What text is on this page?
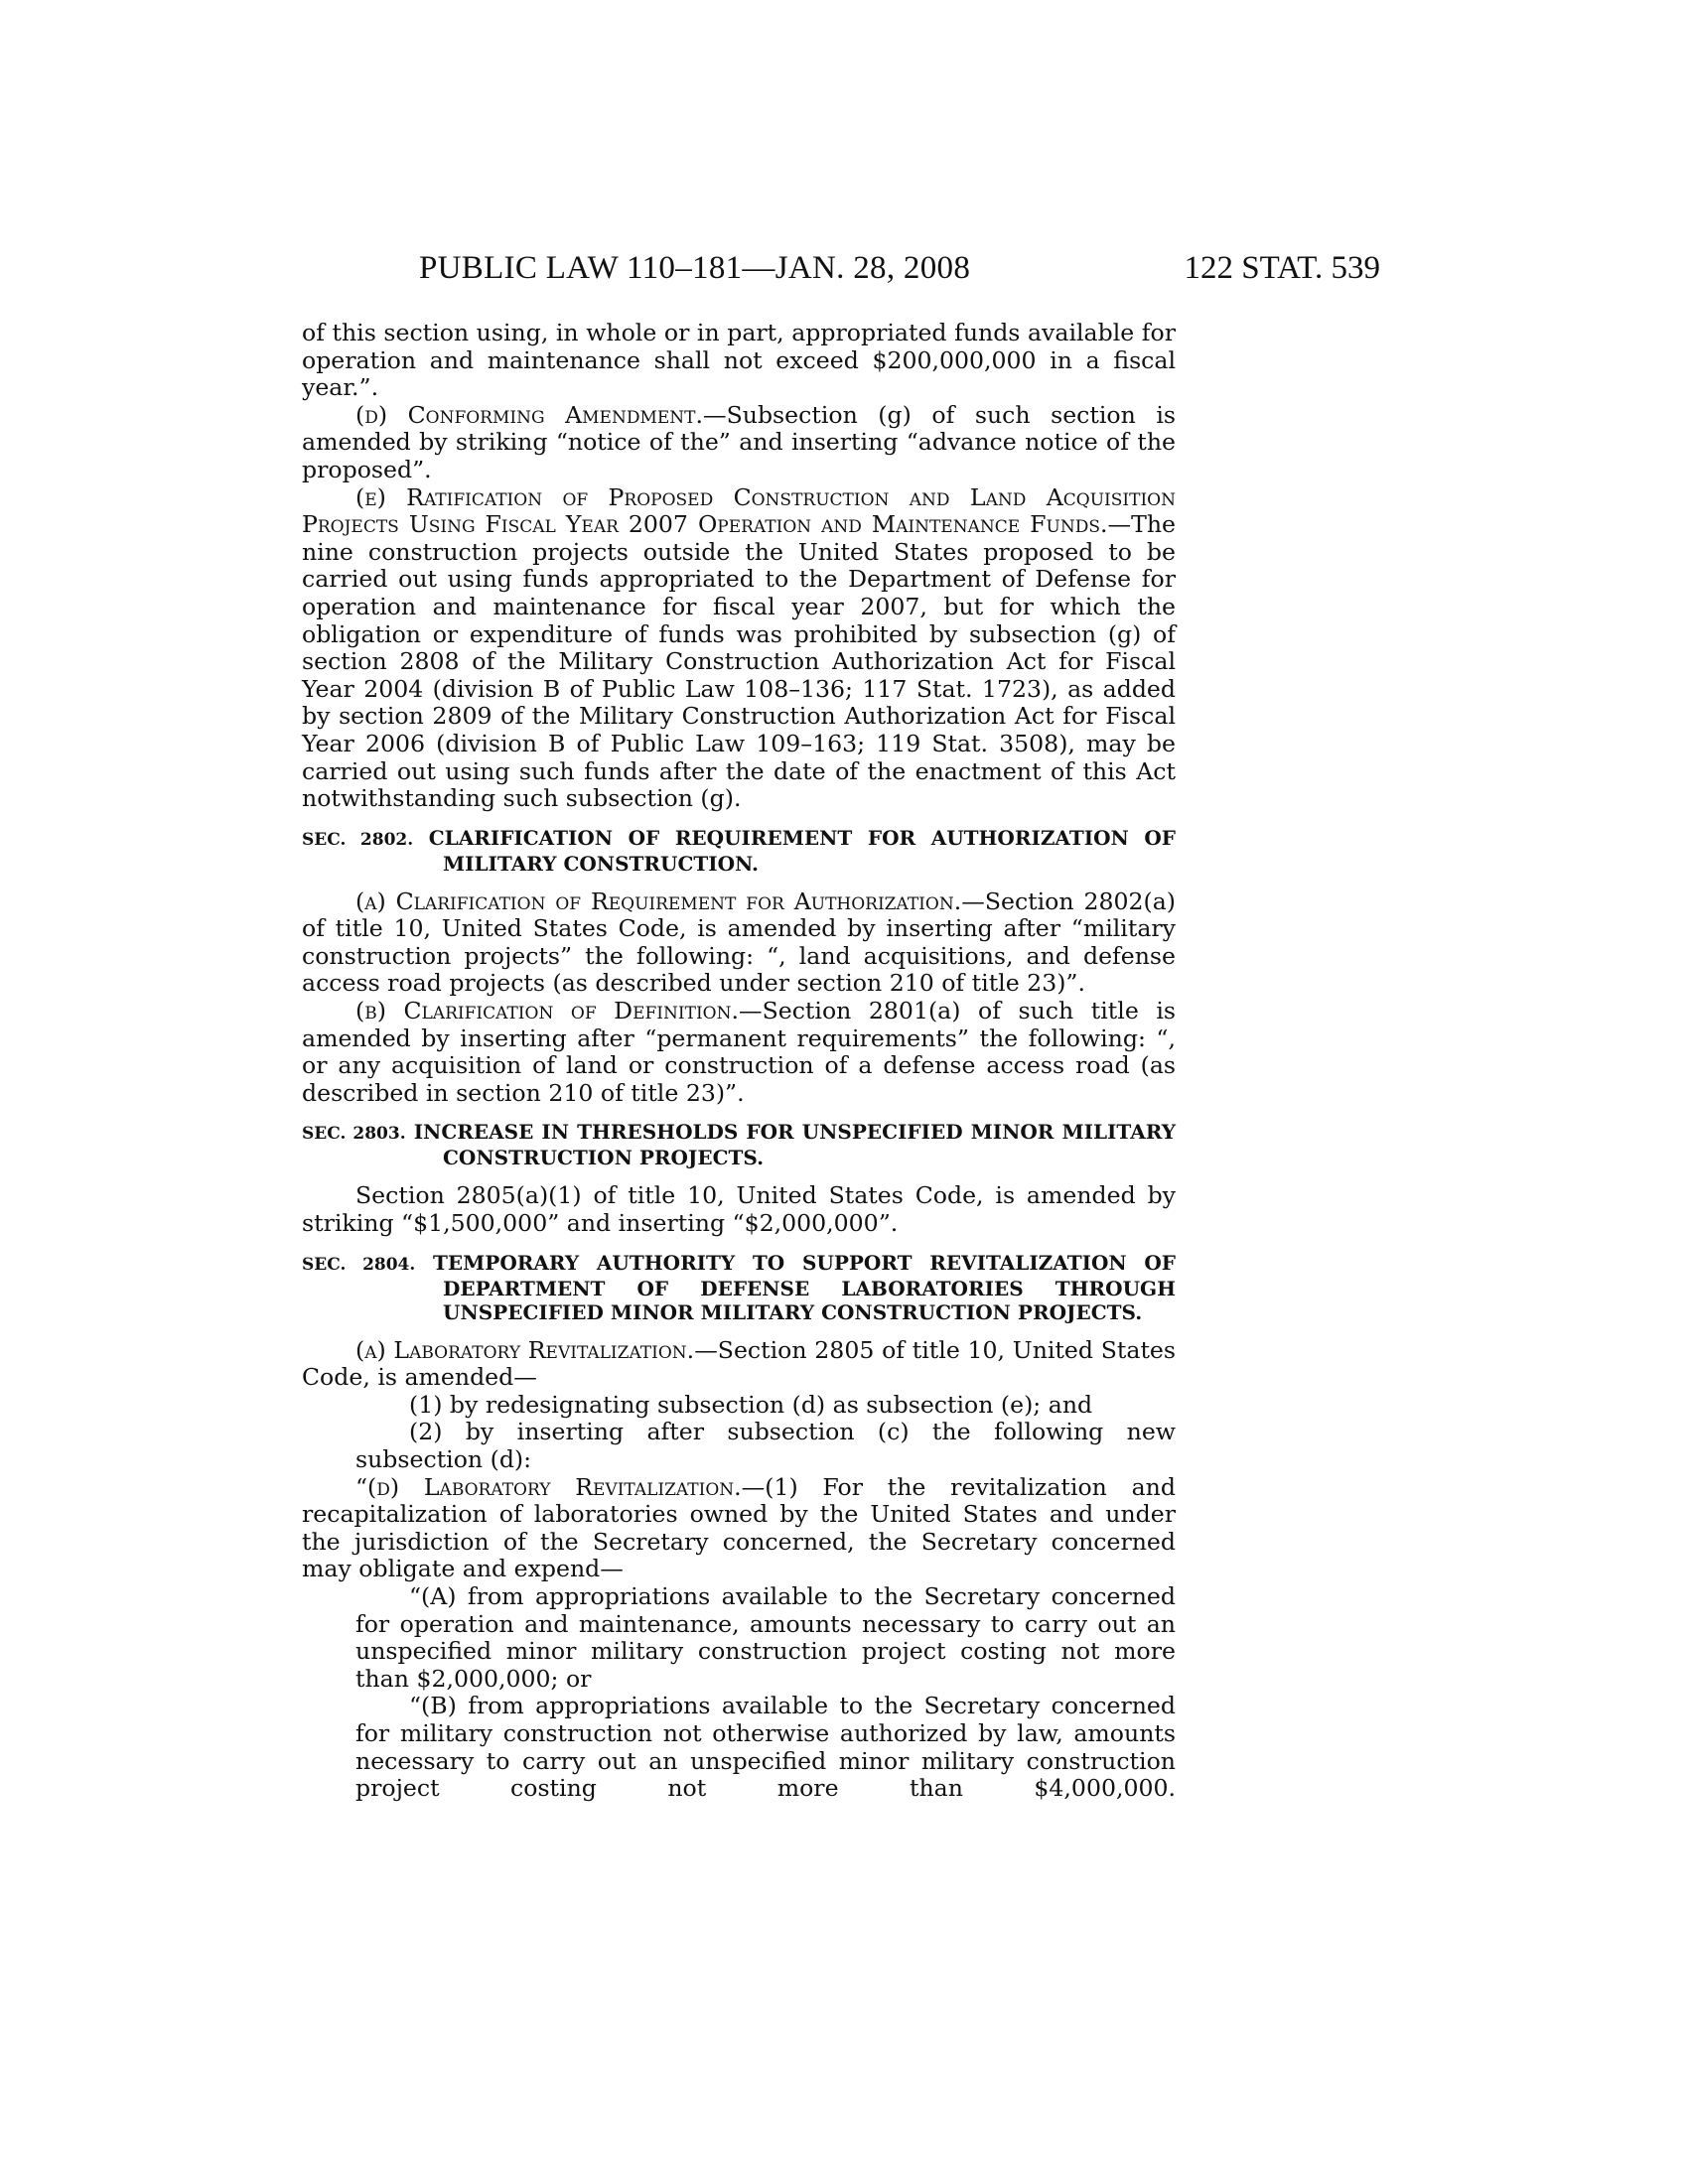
PUBLIC LAW 110–181—JAN. 28, 2008	122 STAT. 539

of this section using, in whole or in part, appropriated funds available for operation and maintenance shall not exceed $200,000,000 in a fiscal year.”.

(d) Conforming Amendment.—Subsection (g) of such section is amended by striking “notice of the” and inserting “advance notice of the proposed”.

(e) Ratification of Proposed Construction and Land Acquisition Projects Using Fiscal Year 2007 Operation and Maintenance Funds.—The nine construction projects outside the United States proposed to be carried out using funds appropriated to the Department of Defense for operation and maintenance for fiscal year 2007, but for which the obligation or expenditure of funds was prohibited by subsection (g) of section 2808 of the Military Construction Authorization Act for Fiscal Year 2004 (division B of Public Law 108–136; 117 Stat. 1723), as added by section 2809 of the Military Construction Authorization Act for Fiscal Year 2006 (division B of Public Law 109–163; 119 Stat. 3508), may be carried out using such funds after the date of the enactment of this Act notwithstanding such subsection (g).

SEC. 2802. CLARIFICATION OF REQUIREMENT FOR AUTHORIZATION OF MILITARY CONSTRUCTION.

(a) Clarification of Requirement for Authorization.—Section 2802(a) of title 10, United States Code, is amended by inserting after “military construction projects” the following: “, land acquisitions, and defense access road projects (as described under section 210 of title 23)”.

(b) Clarification of Definition.—Section 2801(a) of such title is amended by inserting after “permanent requirements” the following: “, or any acquisition of land or construction of a defense access road (as described in section 210 of title 23)”.

SEC. 2803. INCREASE IN THRESHOLDS FOR UNSPECIFIED MINOR MILITARY CONSTRUCTION PROJECTS.

Section 2805(a)(1) of title 10, United States Code, is amended by striking “$1,500,000” and inserting “$2,000,000”.

SEC. 2804. TEMPORARY AUTHORITY TO SUPPORT REVITALIZATION OF DEPARTMENT OF DEFENSE LABORATORIES THROUGH UNSPECIFIED MINOR MILITARY CONSTRUCTION PROJECTS.

(a) Laboratory Revitalization.—Section 2805 of title 10, United States Code, is amended—

(1) by redesignating subsection (d) as subsection (e); and

(2) by inserting after subsection (c) the following new subsection (d):

“(d) Laboratory Revitalization.—(1) For the revitalization and recapitalization of laboratories owned by the United States and under the jurisdiction of the Secretary concerned, the Secretary concerned may obligate and expend—

“(A) from appropriations available to the Secretary concerned for operation and maintenance, amounts necessary to carry out an unspecified minor military construction project costing not more than $2,000,000; or

“(B) from appropriations available to the Secretary concerned for military construction not otherwise authorized by law, amounts necessary to carry out an unspecified minor military construction project costing not more than $4,000,000.
